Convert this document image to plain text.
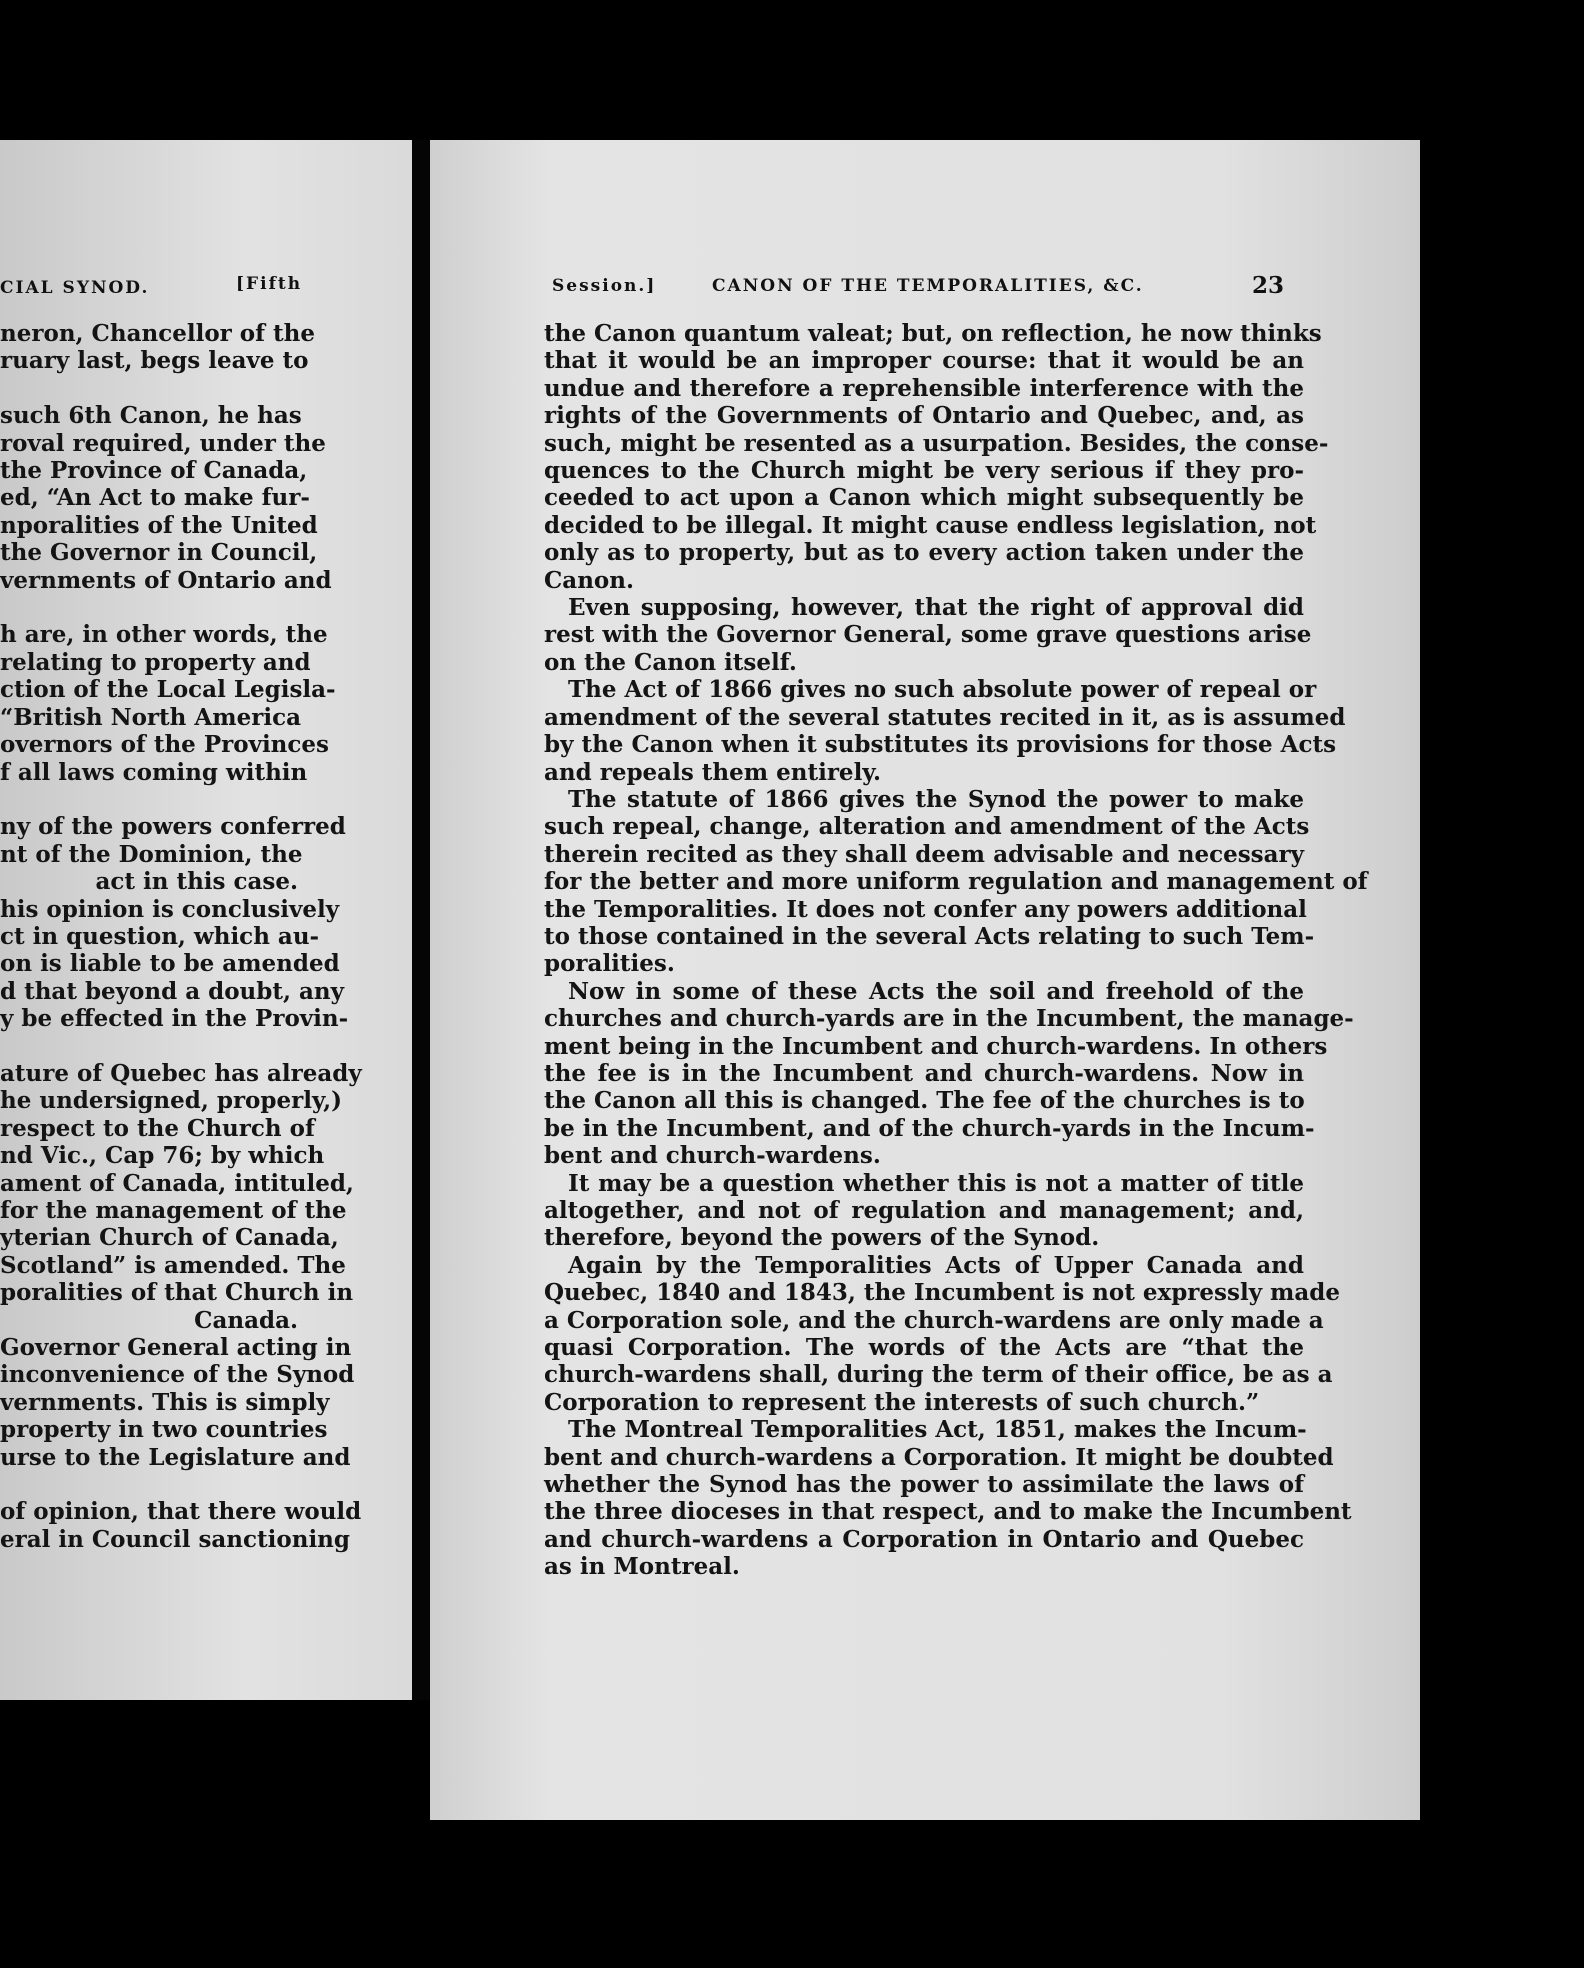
CIAL SYNOD.	[Fifth
neron, Chancellor of the
ruary last, begs leave to

such 6th Canon, he has
roval required, under the
the Province of Canada,
ed, “An Act to make fur-
nporalities of the United
the Governor in Council,
vernments of Ontario and

h are, in other words, the
relating to property and
ction of the Local Legisla-
“British North America
overnors of the Provinces
f all laws coming within

ny of the powers conferred
nt of the Dominion, the
act in this case.
his opinion is conclusively
ct in question, which au-
on is liable to be amended
d that beyond a doubt, any
y be effected in the Provin-

ature of Quebec has already
he undersigned, properly,)
respect to the Church of
nd Vic., Cap 76; by which
ament of Canada, intituled,
for the management of the
yterian Church of Canada,
Scotland” is amended. The
poralities of that Church in
Canada.
Governor General acting in
inconvenience of the Synod
vernments. This is simply
property in two countries
urse to the Legislature and

of opinion, that there would
eral in Council sanctioning
Session.]	CANON OF THE TEMPORALITIES, &C.	23
the Canon quantum valeat; but, on reflection, he now thinks
that it would be an improper course: that it would be an
undue and therefore a reprehensible interference with the
rights of the Governments of Ontario and Quebec, and, as
such, might be resented as a usurpation. Besides, the conse-
quences to the Church might be very serious if they pro-
ceeded to act upon a Canon which might subsequently be
decided to be illegal. It might cause endless legislation, not
only as to property, but as to every action taken under the
Canon.
Even supposing, however, that the right of approval did
rest with the Governor General, some grave questions arise
on the Canon itself.
The Act of 1866 gives no such absolute power of repeal or
amendment of the several statutes recited in it, as is assumed
by the Canon when it substitutes its provisions for those Acts
and repeals them entirely.
The statute of 1866 gives the Synod the power to make
such repeal, change, alteration and amendment of the Acts
therein recited as they shall deem advisable and necessary
for the better and more uniform regulation and management of
the Temporalities. It does not confer any powers additional
to those contained in the several Acts relating to such Tem-
poralities.
Now in some of these Acts the soil and freehold of the
churches and church-yards are in the Incumbent, the manage-
ment being in the Incumbent and church-wardens. In others
the fee is in the Incumbent and church-wardens. Now in
the Canon all this is changed. The fee of the churches is to
be in the Incumbent, and of the church-yards in the Incum-
bent and church-wardens.
It may be a question whether this is not a matter of title
altogether, and not of regulation and management; and,
therefore, beyond the powers of the Synod.
Again by the Temporalities Acts of Upper Canada and
Quebec, 1840 and 1843, the Incumbent is not expressly made
a Corporation sole, and the church-wardens are only made a
quasi Corporation. The words of the Acts are “that the
church-wardens shall, during the term of their office, be as a
Corporation to represent the interests of such church.”
The Montreal Temporalities Act, 1851, makes the Incum-
bent and church-wardens a Corporation. It might be doubted
whether the Synod has the power to assimilate the laws of
the three dioceses in that respect, and to make the Incumbent
and church-wardens a Corporation in Ontario and Quebec
as in Montreal.
